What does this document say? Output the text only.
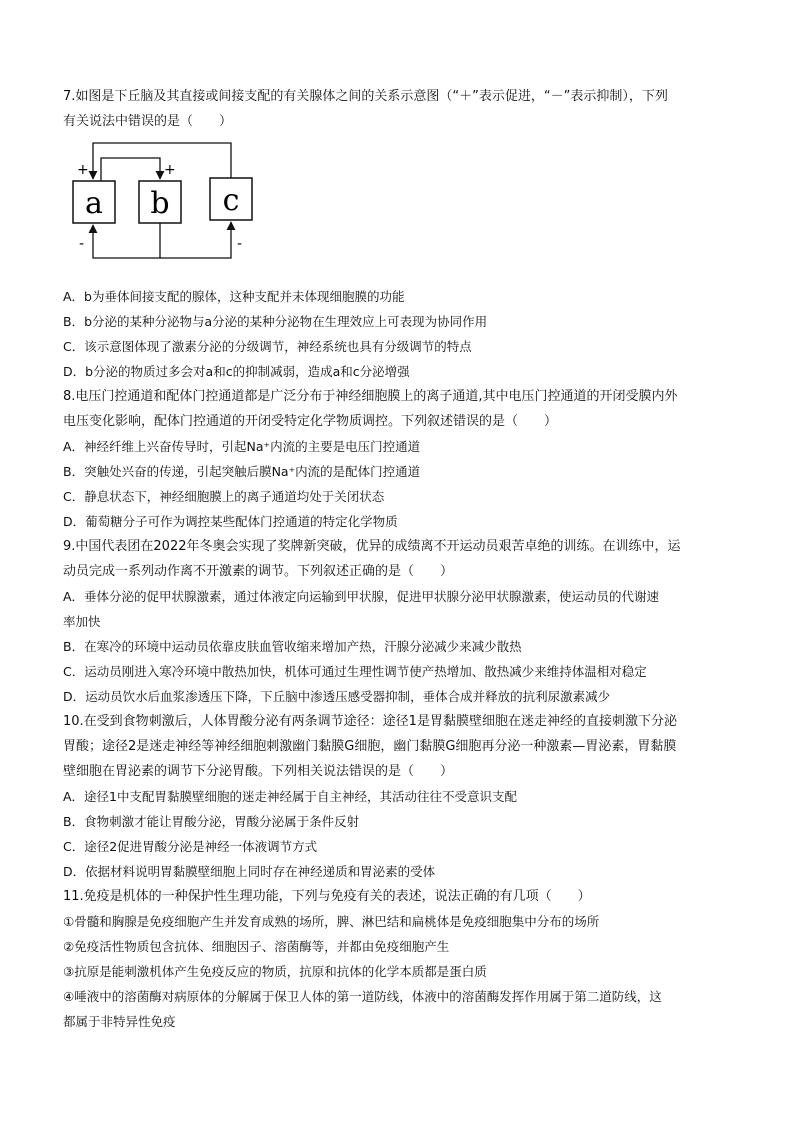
7.如图是下丘脑及其直接或间接支配的有关腺体之间的关系示意图（“＋”表示促进，“－”表示抑制），下列
有关说法中错误的是（　　）
a b c
+	+
-	-
A．b为垂体间接支配的腺体，这种支配并未体现细胞膜的功能
B．b分泌的某种分泌物与a分泌的某种分泌物在生理效应上可表现为协同作用
C．该示意图体现了激素分泌的分级调节，神经系统也具有分级调节的特点
D．b分泌的物质过多会对a和c的抑制减弱，造成a和c分泌增强
8.电压门控通道和配体门控通道都是广泛分布于神经细胞膜上的离子通道,其中电压门控通道的开闭受膜内外
电压变化影响，配体门控通道的开闭受特定化学物质调控。下列叙述错误的是（　　）
A．神经纤维上兴奋传导时，引起Na⁺内流的主要是电压门控通道
B．突触处兴奋的传递，引起突触后膜Na⁺内流的是配体门控通道
C．静息状态下，神经细胞膜上的离子通道均处于关闭状态
D．葡萄糖分子可作为调控某些配体门控通道的特定化学物质
9.中国代表团在2022年冬奥会实现了奖牌新突破，优异的成绩离不开运动员艰苦卓绝的训练。在训练中，运
动员完成一系列动作离不开激素的调节。下列叙述正确的是（　　）
A．垂体分泌的促甲状腺激素，通过体液定向运输到甲状腺，促进甲状腺分泌甲状腺激素，使运动员的代谢速
率加快
B．在寒冷的环境中运动员依靠皮肤血管收缩来增加产热，汗腺分泌减少来减少散热
C．运动员刚进入寒冷环境中散热加快，机体可通过生理性调节使产热增加、散热减少来维持体温相对稳定
D．运动员饮水后血浆渗透压下降，下丘脑中渗透压感受器抑制，垂体合成并释放的抗利尿激素减少
10.在受到食物刺激后，人体胃酸分泌有两条调节途径：途径1是胃黏膜壁细胞在迷走神经的直接刺激下分泌
胃酸；途径2是迷走神经等神经细胞刺激幽门黏膜G细胞，幽门黏膜G细胞再分泌一种激素—胃泌素，胃黏膜
壁细胞在胃泌素的调节下分泌胃酸。下列相关说法错误的是（　　）
A．途径1中支配胃黏膜壁细胞的迷走神经属于自主神经，其活动往往不受意识支配
B．食物刺激才能让胃酸分泌，胃酸分泌属于条件反射
C．途径2促进胃酸分泌是神经一体液调节方式
D．依据材料说明胃黏膜壁细胞上同时存在神经递质和胃泌素的受体
11.免疫是机体的一种保护性生理功能，下列与免疫有关的表述，说法正确的有几项（　　）
①骨髓和胸腺是免疫细胞产生并发育成熟的场所，脾、淋巴结和扁桃体是免疫细胞集中分布的场所
②免疫活性物质包含抗体、细胞因子、溶菌酶等，并都由免疫细胞产生
③抗原是能刺激机体产生免疫反应的物质，抗原和抗体的化学本质都是蛋白质
④唾液中的溶菌酶对病原体的分解属于保卫人体的第一道防线，体液中的溶菌酶发挥作用属于第二道防线，这
都属于非特异性免疫
